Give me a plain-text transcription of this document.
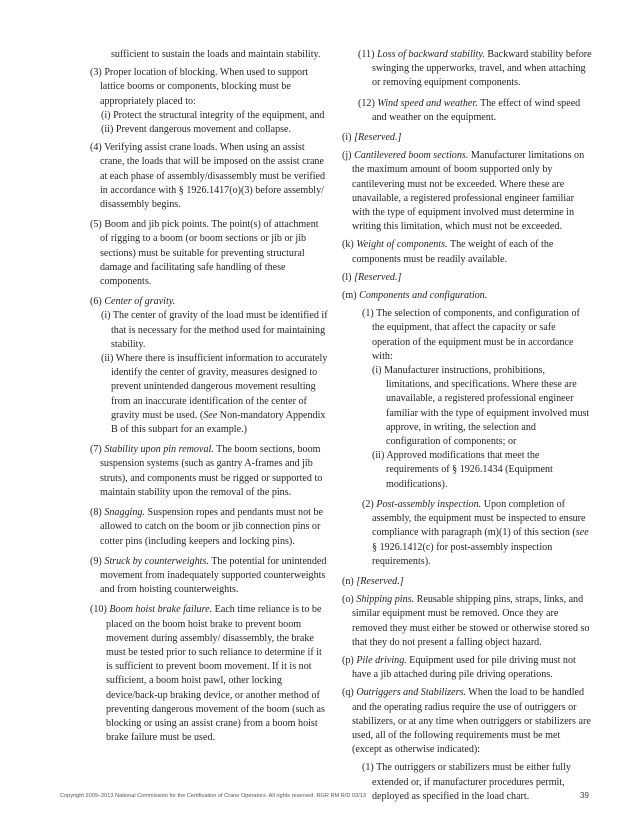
sufficient to sustain the loads and maintain stability.
(3) Proper location of blocking. When used to support lattice booms or components, blocking must be appropriately placed to:
(i) Protect the structural integrity of the equipment, and
(ii) Prevent dangerous movement and collapse.
(4) Verifying assist crane loads. When using an assist crane, the loads that will be imposed on the assist crane at each phase of assembly/disassembly must be verified in accordance with § 1926.1417(o)(3) before assembly/ disassembly begins.
(5) Boom and jib pick points. The point(s) of attachment of rigging to a boom (or boom sections or jib or jib sections) must be suitable for preventing structural damage and facilitating safe handling of these components.
(6) Center of gravity.
(i) The center of gravity of the load must be identified if that is necessary for the method used for maintaining stability.
(ii) Where there is insufficient information to accurately identify the center of gravity, measures designed to prevent unintended dangerous movement resulting from an inaccurate identification of the center of gravity must be used. (See Non-mandatory Appendix B of this subpart for an example.)
(7) Stability upon pin removal. The boom sections, boom suspension systems (such as gantry A-frames and jib struts), and components must be rigged or supported to maintain stability upon the removal of the pins.
(8) Snagging. Suspension ropes and pendants must not be allowed to catch on the boom or jib connection pins or cotter pins (including keepers and locking pins).
(9) Struck by counterweights. The potential for unintended movement from inadequately supported counterweights and from hoisting counterweights.
(10) Boom hoist brake failure. Each time reliance is to be placed on the boom hoist brake to prevent boom movement during assembly/ disassembly, the brake must be tested prior to such reliance to determine if it is sufficient to prevent boom movement. If it is not sufficient, a boom hoist pawl, other locking device/back-up braking device, or another method of preventing dangerous movement of the boom (such as blocking or using an assist crane) from a boom hoist brake failure must be used.
(11) Loss of backward stability. Backward stability before swinging the upperworks, travel, and when attaching or removing equipment components.
(12) Wind speed and weather. The effect of wind speed and weather on the equipment.
(i) [Reserved.]
(j) Cantilevered boom sections. Manufacturer limitations on the maximum amount of boom supported only by cantilevering must not be exceeded. Where these are unavailable, a registered professional engineer familiar with the type of equipment involved must determine in writing this limitation, which must not be exceeded.
(k) Weight of components. The weight of each of the components must be readily available.
(l) [Reserved.]
(m) Components and configuration.
(1) The selection of components, and configuration of the equipment, that affect the capacity or safe operation of the equipment must be in accordance with:
(i) Manufacturer instructions, prohibitions, limitations, and specifications. Where these are unavailable, a registered professional engineer familiar with the type of equipment involved must approve, in writing, the selection and configuration of components; or
(ii) Approved modifications that meet the requirements of § 1926.1434 (Equipment modifications).
(2) Post-assembly inspection. Upon completion of assembly, the equipment must be inspected to ensure compliance with paragraph (m)(1) of this section (see § 1926.1412(c) for post-assembly inspection requirements).
(n) [Reserved.]
(o) Shipping pins. Reusable shipping pins, straps, links, and similar equipment must be removed. Once they are removed they must either be stowed or otherwise stored so that they do not present a falling object hazard.
(p) Pile driving. Equipment used for pile driving must not have a jib attached during pile driving operations.
(q) Outriggers and Stabilizers. When the load to be handled and the operating radius require the use of outriggers or stabilizers, or at any time when outriggers or stabilizers are used, all of the following requirements must be met (except as otherwise indicated):
(1) The outriggers or stabilizers must be either fully extended or, if manufacturer procedures permit, deployed as specified in the load chart.
Copyright 2009–2013 National Commission for the Certification of Crane Operators. All rights reserved. RGR RM R/D 03/13	39
